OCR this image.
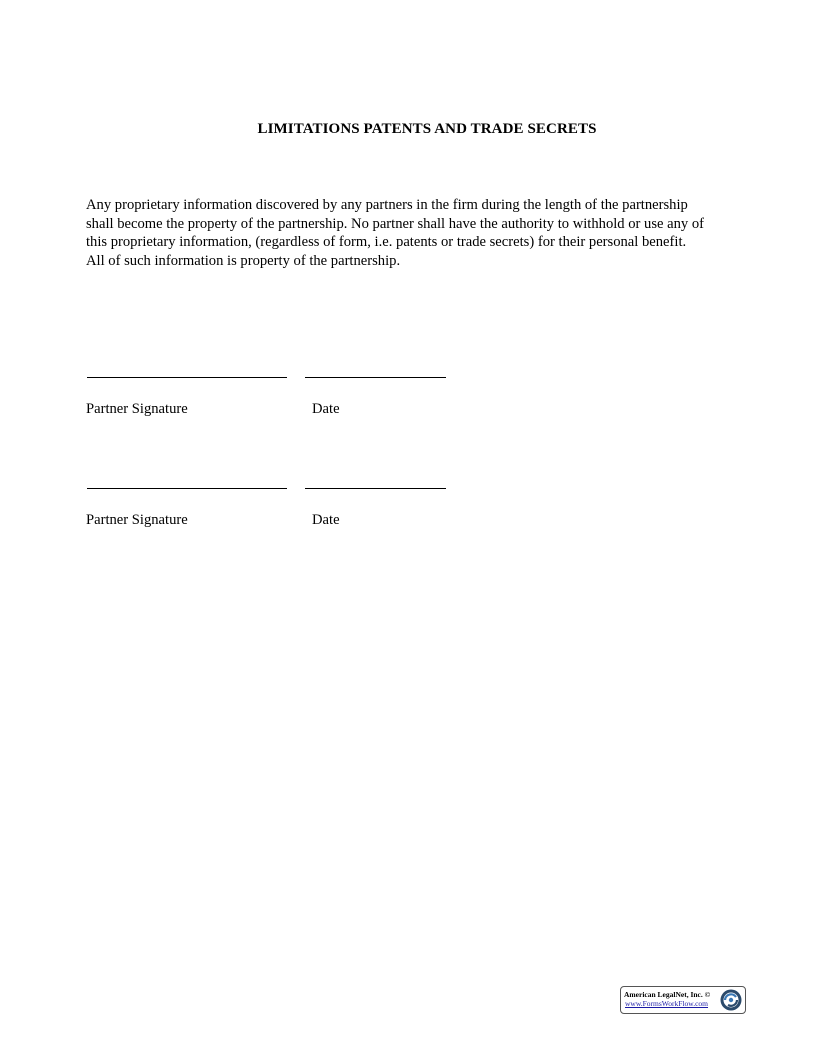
LIMITATIONS PATENTS AND TRADE SECRETS
Any proprietary information discovered by any partners in the firm during the length of the partnership
shall become the property of the partnership. No partner shall have the authority to withhold or use any of
this proprietary information, (regardless of form, i.e. patents or trade secrets) for their personal benefit.
All of such information is property of the partnership.
Partner Signature	Date
Partner Signature	Date
American LegalNet, Inc. ©
www.FormsWorkFlow.com
